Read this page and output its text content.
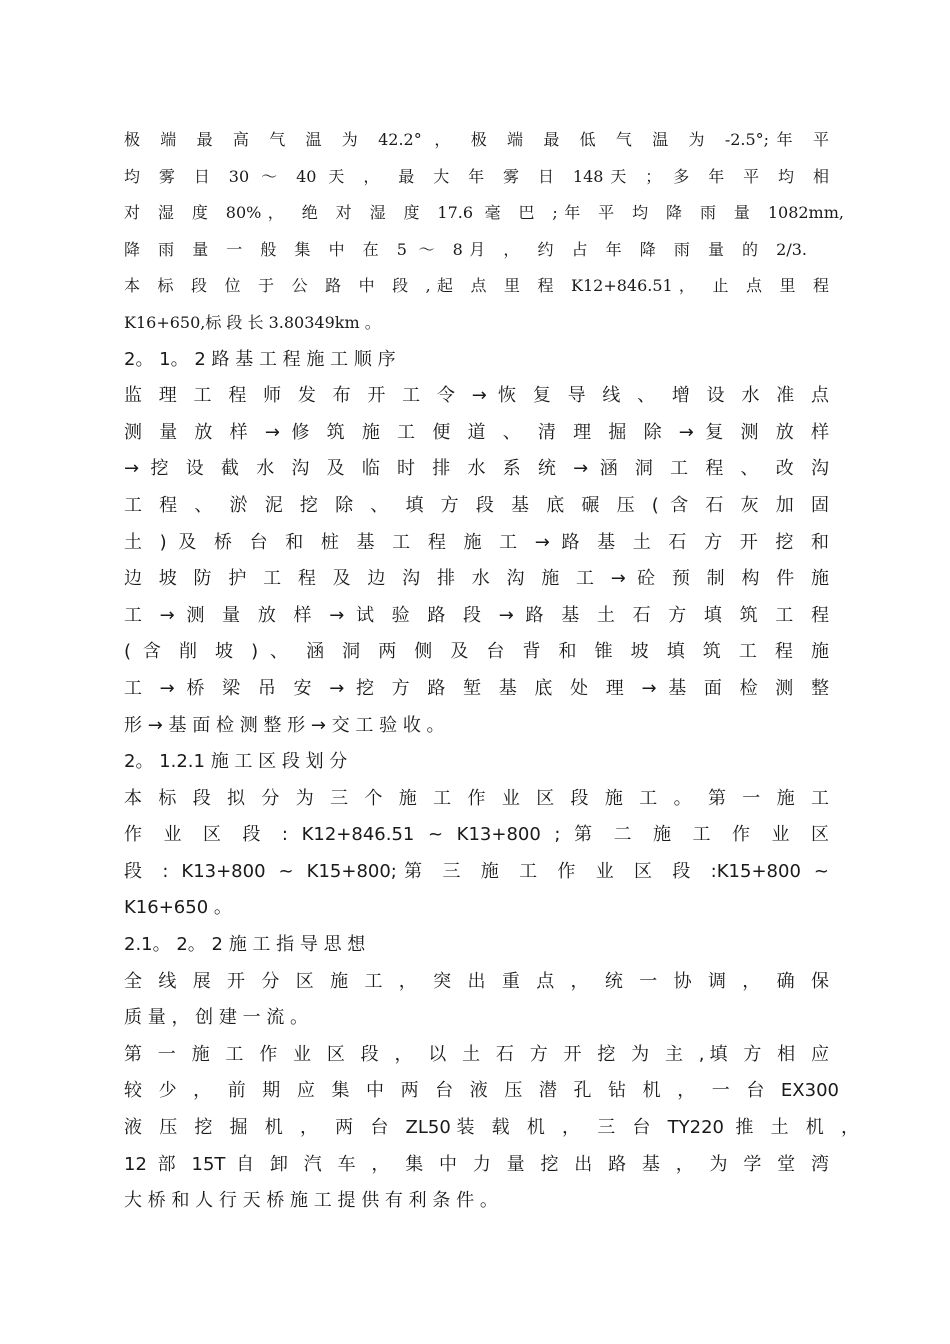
极 端 最 高 气 温 为 42.2° ， 极 端 最 低 气 温 为 -2.5°;年 平
均 雾 日 30 ～ 40 天 ， 最 大 年 雾 日 148天 ； 多 年 平 均 相
对 湿 度 80%， 绝 对 湿 度 17.6 毫 巴 ;年 平 均 降 雨 量 1082mm,
降 雨 量 一 般 集 中 在 5 ～ 8月 ， 约 占 年 降 雨 量 的 2/3.
本 标 段 位 于 公 路 中 段 ,起 点 里 程 K12+846.51， 止 点 里 程
K16+650,标 段 长 3.80349km 。
2。 1。 2 路 基 工 程 施 工 顺 序
监 理 工 程 师 发 布 开 工 令 → 恢 复 导 线 、 增 设 水 准 点
测 量 放 样 → 修 筑 施 工 便 道 、 清 理 掘 除 → 复 测 放 样
→ 挖 设 截 水 沟 及 临 时 排 水 系 统 → 涵 洞 工 程 、 改 沟
工 程 、 淤 泥 挖 除 、 填 方 段 基 底 碾 压 ( 含 石 灰 加 固
土 ) 及 桥 台 和 桩 基 工 程 施 工 → 路 基 土 石 方 开 挖 和
边 坡 防 护 工 程 及 边 沟 排 水 沟 施 工 → 砼 预 制 构 件 施
工 → 测 量 放 样 → 试 验 路 段 → 路 基 土 石 方 填 筑 工 程
( 含 削 坡 ) 、 涵 洞 两 侧 及 台 背 和 锥 坡 填 筑 工 程 施
工 → 桥 梁 吊 安 → 挖 方 路 堑 基 底 处 理 → 基 面 检 测 整
形 → 基 面 检 测 整 形 → 交 工 验 收 。
2。 1.2.1 施 工 区 段 划 分
本 标 段 拟 分 为 三 个 施 工 作 业 区 段 施 工 。 第 一 施 工
作 业 区 段 : K12+846.51 ~ K13+800 ; 第 二 施 工 作 业 区
段 : K13+800 ~ K15+800;第 三 施 工 作 业 区 段 :K15+800 ~
K16+650 。
2.1。 2。 2 施 工 指 导 思 想
全 线 展 开 分 区 施 工 ， 突 出 重 点 ， 统 一 协 调 ， 确 保
质 量 ， 创 建 一 流 。
第 一 施 工 作 业 区 段 ， 以 土 石 方 开 挖 为 主 ,填 方 相 应
较 少 ， 前 期 应 集 中 两 台 液 压 潜 孔 钻 机 ， 一 台 EX300
液 压 挖 掘 机 ， 两 台 ZL50装 载 机 ， 三 台 TY220 推 土 机 ，
12 部 15T 自 卸 汽 车 ， 集 中 力 量 挖 出 路 基 ， 为 学 堂 湾
大 桥 和 人 行 天 桥 施 工 提 供 有 利 条 件 。
